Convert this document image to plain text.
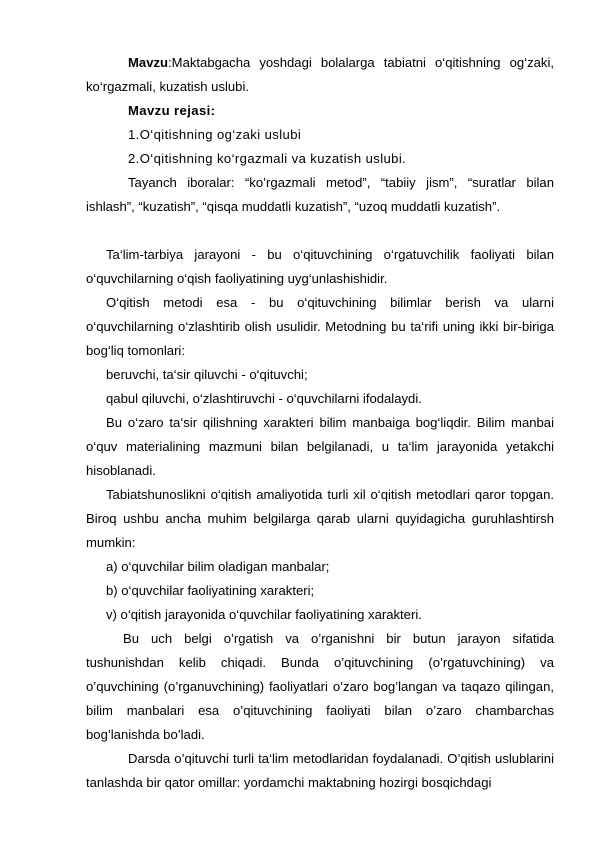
Mavzu:Maktabgacha yoshdagi bolalarga tabiatni o‘qitishning og‘zaki, ko‘rgazmali, kuzatish uslubi.

Mavzu rejasi:

1.O‘qitishning og‘zaki uslubi

2.O‘qitishning ko‘rgazmali va kuzatish uslubi.

Tayanch iboralar: “ko’rgazmali metod”, “tabiiy jism”, “suratlar bilan ishlash”, “kuzatish”, “qisqa muddatli kuzatish”, “uzoq muddatli kuzatish”.

Ta‘lim-tarbiya jarayoni - bu o‘qituvchining o‘rgatuvchilik faoliyati bilan o‘quvchilarning o‘qish faoliyatining uyg‘unlashishidir.

O‘qitish metodi esa - bu o‘qituvchining bilimlar berish va ularni o‘quvchilarning o‘zlashtirib olish usulidir. Metodning bu ta‘rifi uning ikki bir-biriga bog‘liq tomonlari:

beruvchi, ta‘sir qiluvchi - o‘qituvchi;

qabul qiluvchi, o‘zlashtiruvchi - o‘quvchilarni ifodalaydi.

Bu o‘zaro ta‘sir qilishning xarakteri bilim manbaiga bog‘liqdir. Bilim manbai o‘quv materialining mazmuni bilan belgilanadi, u ta‘lim jarayonida yetakchi hisoblanadi.

Tabiatshunoslikni o‘qitish amaliyotida turli xil o‘qitish metodlari qaror topgan. Biroq ushbu ancha muhim belgilarga qarab ularni quyidagicha guruhlashtirsh mumkin:

a) o‘quvchilar bilim oladigan manbalar;

b) o‘quvchilar faoliyatining xarakteri;

v) o‘qitish jarayonida o‘quvchilar faoliyatining xarakteri.

Bu uch belgi o’rgatish va o’rganishni bir butun jarayon sifatida tushunishdan kelib chiqadi. Bunda o’qituvchining (o’rgatuvchining) va o’quvchining (o’rganuvchining) faoliyatlari o’zaro bog’langan va taqazo qilingan, bilim manbalari esa o’qituvchining faoliyati bilan o’zaro chambarchas bog’lanishda bo’ladi.

Darsda o’qituvchi turli ta‘lim metodlaridan foydalanadi. O’qitish uslublarini tanlashda bir qator omillar: yordamchi maktabning hozirgi bosqichdagi
